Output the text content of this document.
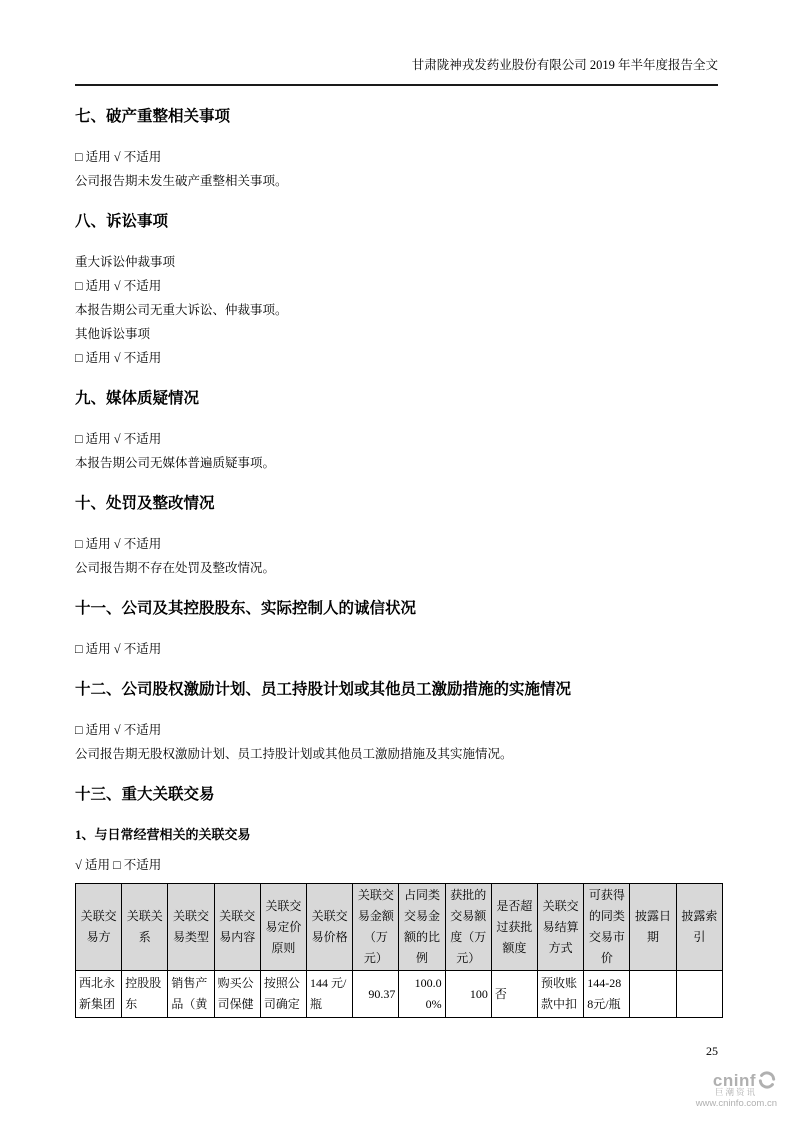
甘肃陇神戎发药业股份有限公司 2019 年半年度报告全文
七、破产重整相关事项

□ 适用 √ 不适用

公司报告期未发生破产重整相关事项。

八、诉讼事项

重大诉讼仲裁事项

□ 适用 √ 不适用

本报告期公司无重大诉讼、仲裁事项。

其他诉讼事项

□ 适用 √ 不适用

九、媒体质疑情况

□ 适用 √ 不适用

本报告期公司无媒体普遍质疑事项。

十、处罚及整改情况

□ 适用 √ 不适用

公司报告期不存在处罚及整改情况。

十一、公司及其控股股东、实际控制人的诚信状况

□ 适用 √ 不适用

十二、公司股权激励计划、员工持股计划或其他员工激励措施的实施情况

□ 适用 √ 不适用

公司报告期无股权激励计划、员工持股计划或其他员工激励措施及其实施情况。

十三、重大关联交易

1、与日常经营相关的关联交易

√ 适用 □ 不适用

关联交易方	关联关系	关联交易类型	关联交易内容	关联交易定价原则	关联交易价格	关联交易金额（万元）	占同类交易金额的比例	获批的交易额度（万元）	是否超过获批额度	关联交易结算方式	可获得的同类交易市价	披露日期	披露索引
西北永新集团	控股股东	销售产品（黄	购买公司保健	按照公司确定	144 元/瓶	90.37	100.00%	100	否	预收账款中扣	144-288元/瓶		
25
cninf
巨潮资讯
www.cninfo.com.cn
